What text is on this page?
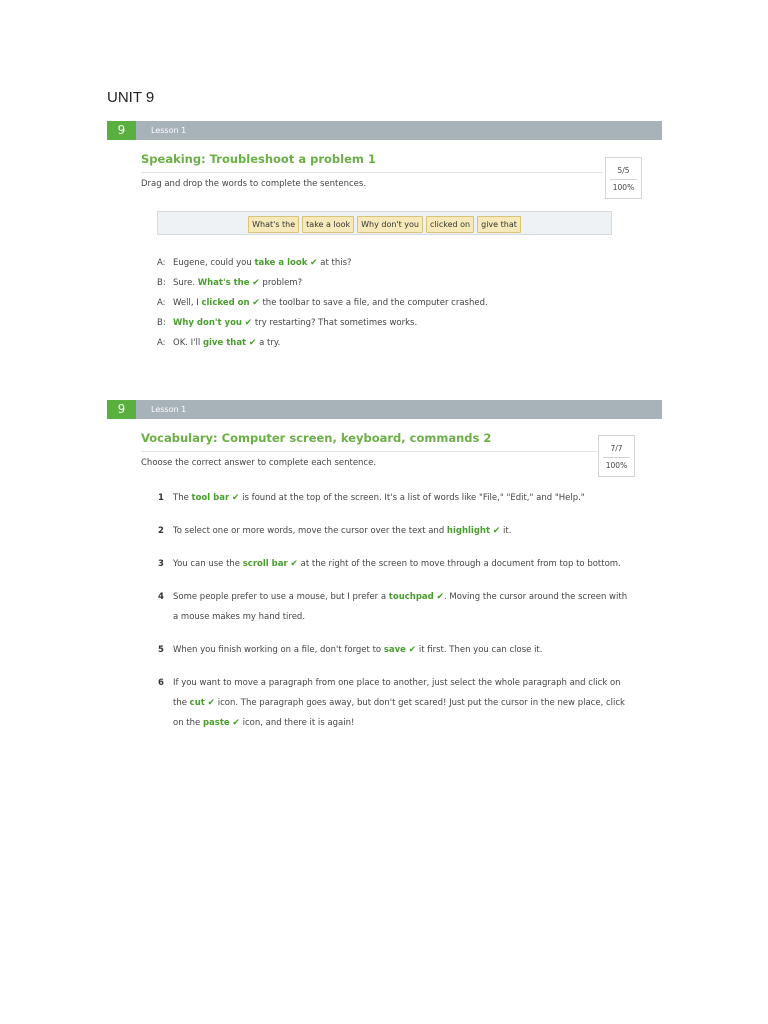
UNIT 9
9	Lesson 1
Speaking: Troubleshoot a problem 1
Drag and drop the words to complete the sentences.
5/5
100%
What's the take a look Why don't you clicked on give that
A: Eugene, could you take a look ✔ at this?
B: Sure. What's the ✔ problem?
A: Well, I clicked on ✔ the toolbar to save a file, and the computer crashed.
B: Why don't you ✔ try restarting? That sometimes works.
A: OK. I'll give that ✔ a try.
9	Lesson 1
Vocabulary: Computer screen, keyboard, commands 2
Choose the correct answer to complete each sentence.
7/7
100%
1 The tool bar ✔ is found at the top of the screen. It's a list of words like "File," "Edit," and "Help."
2 To select one or more words, move the cursor over the text and highlight ✔ it.
3 You can use the scroll bar ✔ at the right of the screen to move through a document from top to bottom.
4 Some people prefer to use a mouse, but I prefer a touchpad ✔. Moving the cursor around the screen with a mouse makes my hand tired.
5 When you finish working on a file, don't forget to save ✔ it first. Then you can close it.
6 If you want to move a paragraph from one place to another, just select the whole paragraph and click on the cut ✔ icon. The paragraph goes away, but don't get scared! Just put the cursor in the new place, click on the paste ✔ icon, and there it is again!
